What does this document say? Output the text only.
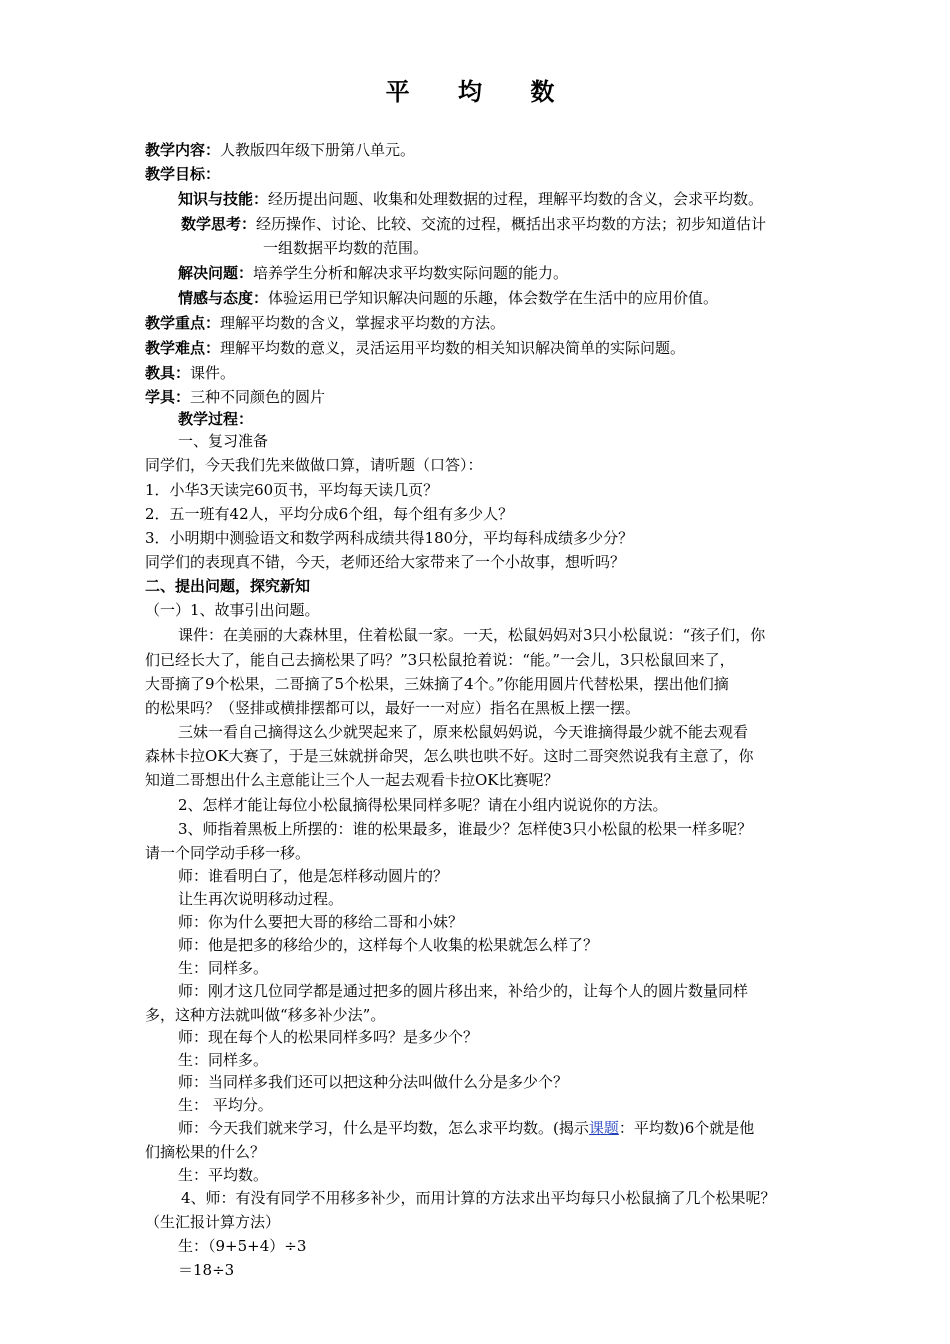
平 均 数
教学内容：人教版四年级下册第八单元。
教学目标：
知识与技能：经历提出问题、收集和处理数据的过程，理解平均数的含义，会求平均数。
数学思考：经历操作、讨论、比较、交流的过程，概括出求平均数的方法；初步知道估计
一组数据平均数的范围。
解决问题：培养学生分析和解决求平均数实际问题的能力。
情感与态度：体验运用已学知识解决问题的乐趣，体会数学在生活中的应用价值。
教学重点：理解平均数的含义，掌握求平均数的方法。
教学难点：理解平均数的意义，灵活运用平均数的相关知识解决简单的实际问题。
教具：课件。
学具：三种不同颜色的圆片
教学过程：
一、复习准备
同学们，今天我们先来做做口算，请听题（口答）：
1．小华3天读完60页书，平均每天读几页？
2．五一班有42人，平均分成6个组，每个组有多少人？
3．小明期中测验语文和数学两科成绩共得180分，平均每科成绩多少分？
同学们的表现真不错，今天，老师还给大家带来了一个小故事，想听吗？
二、提出问题，探究新知
（一）1、故事引出问题。
课件：在美丽的大森林里，住着松鼠一家。一天，松鼠妈妈对3只小松鼠说：“孩子们，你
们已经长大了，能自己去摘松果了吗？”3只松鼠抢着说：“能。”一会儿，3只松鼠回来了，
大哥摘了9个松果，二哥摘了5个松果，三妹摘了4个。”你能用圆片代替松果，摆出他们摘
的松果吗？（竖排或横排摆都可以，最好一一对应）指名在黑板上摆一摆。
三妹一看自己摘得这么少就哭起来了，原来松鼠妈妈说，今天谁摘得最少就不能去观看
森林卡拉OK大赛了，于是三妹就拼命哭，怎么哄也哄不好。这时二哥突然说我有主意了，你
知道二哥想出什么主意能让三个人一起去观看卡拉OK比赛呢？
2、怎样才能让每位小松鼠摘得松果同样多呢？请在小组内说说你的方法。
3、师指着黑板上所摆的：谁的松果最多，谁最少？怎样使3只小松鼠的松果一样多呢？
请一个同学动手移一移。
师：谁看明白了，他是怎样移动圆片的？
让生再次说明移动过程。
师：你为什么要把大哥的移给二哥和小妹？
师：他是把多的移给少的，这样每个人收集的松果就怎么样了？
生：同样多。
师：刚才这几位同学都是通过把多的圆片移出来，补给少的，让每个人的圆片数量同样
多，这种方法就叫做“移多补少法”。
师：现在每个人的松果同样多吗？是多少个？
生：同样多。
师：当同样多我们还可以把这种分法叫做什么分是多少个？
生： 平均分。
师：今天我们就来学习，什么是平均数，怎么求平均数。(揭示课题：平均数)6个就是他
们摘松果的什么？
生：平均数。
4、师：有没有同学不用移多补少，而用计算的方法求出平均每只小松鼠摘了几个松果呢？
（生汇报计算方法）
生：（9+5+4）÷3
＝18÷3
